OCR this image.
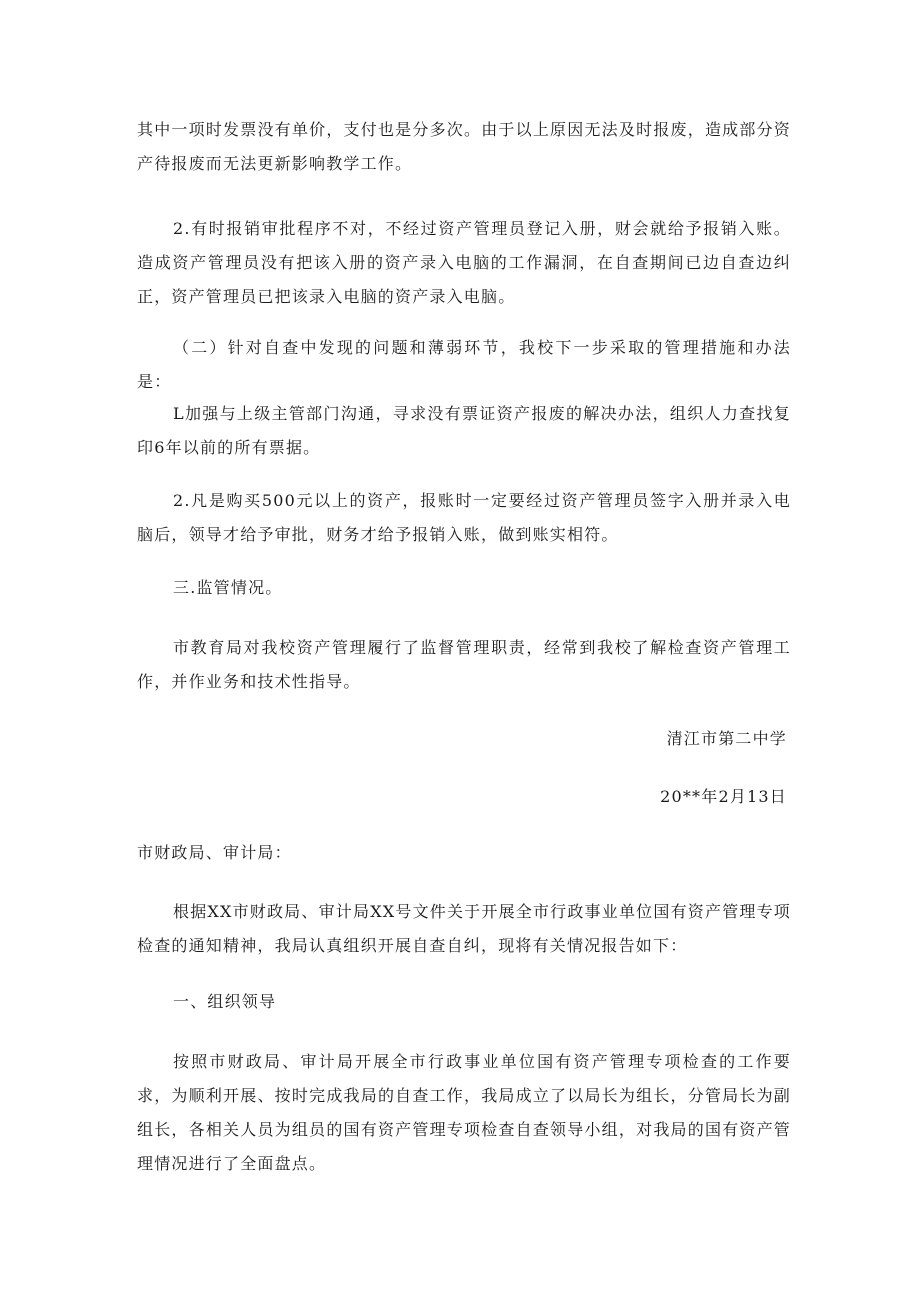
其中一项时发票没有单价，支付也是分多次。由于以上原因无法及时报废，造成部分资产待报废而无法更新影响教学工作。

2.有时报销审批程序不对，不经过资产管理员登记入册，财会就给予报销入账。造成资产管理员没有把该入册的资产录入电脑的工作漏洞，在自查期间已边自查边纠正，资产管理员已把该录入电脑的资产录入电脑。

（二）针对自查中发现的问题和薄弱环节，我校下一步采取的管理措施和办法是：

L加强与上级主管部门沟通，寻求没有票证资产报废的解决办法，组织人力查找复印6年以前的所有票据。

2.凡是购买500元以上的资产，报账时一定要经过资产管理员签字入册并录入电脑后，领导才给予审批，财务才给予报销入账，做到账实相符。

三.监管情况。

市教育局对我校资产管理履行了监督管理职责，经常到我校了解检查资产管理工作，并作业务和技术性指导。

清江市第二中学

20**年2月13日

市财政局、审计局：

根据XX市财政局、审计局XX号文件关于开展全市行政事业单位国有资产管理专项检查的通知精神，我局认真组织开展自查自纠，现将有关情况报告如下：

一、组织领导

按照市财政局、审计局开展全市行政事业单位国有资产管理专项检查的工作要求，为顺利开展、按时完成我局的自查工作，我局成立了以局长为组长，分管局长为副组长，各相关人员为组员的国有资产管理专项检查自查领导小组，对我局的国有资产管理情况进行了全面盘点。
